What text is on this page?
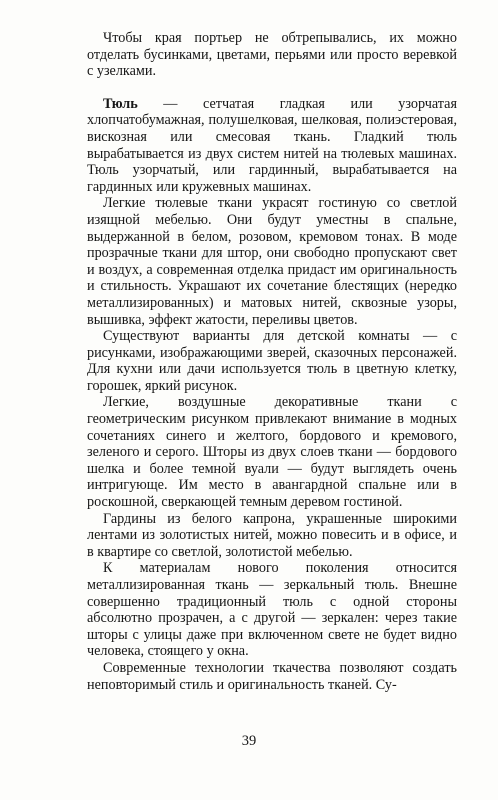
Чтобы края портьер не обтрепывались, их можно отделать бусинками, цветами, перьями или просто веревкой с узелками.

Тюль — сетчатая гладкая или узорчатая хлопчатобумажная, полушелковая, шелковая, полиэстеровая, вискозная или смесовая ткань. Гладкий тюль вырабатывается из двух систем нитей на тюлевых машинах. Тюль узорчатый, или гардинный, вырабатывается на гардинных или кружевных машинах.

Легкие тюлевые ткани украсят гостиную со светлой изящной мебелью. Они будут уместны в спальне, выдержанной в белом, розовом, кремовом тонах. В моде прозрачные ткани для штор, они свободно пропускают свет и воздух, а современная отделка придаст им оригинальность и стильность. Украшают их сочетание блестящих (нередко металлизированных) и матовых нитей, сквозные узоры, вышивка, эффект жатости, переливы цветов.

Существуют варианты для детской комнаты — с рисунками, изображающими зверей, сказочных персонажей. Для кухни или дачи используется тюль в цветную клетку, горошек, яркий рисунок.

Легкие, воздушные декоративные ткани с геометрическим рисунком привлекают внимание в модных сочетаниях синего и желтого, бордового и кремового, зеленого и серого. Шторы из двух слоев ткани — бордового шелка и более темной вуали — будут выглядеть очень интригующе. Им место в авангардной спальне или в роскошной, сверкающей темным деревом гостиной.

Гардины из белого капрона, украшенные широкими лентами из золотистых нитей, можно повесить и в офисе, и в квартире со светлой, золотистой мебелью.

К материалам нового поколения относится металлизированная ткань — зеркальный тюль. Внешне совершенно традиционный тюль с одной стороны абсолютно прозрачен, а с другой — зеркален: через такие шторы с улицы даже при включенном свете не будет видно человека, стоящего у окна.

Современные технологии ткачества позволяют создать неповторимый стиль и оригинальность тканей. Су-

39
